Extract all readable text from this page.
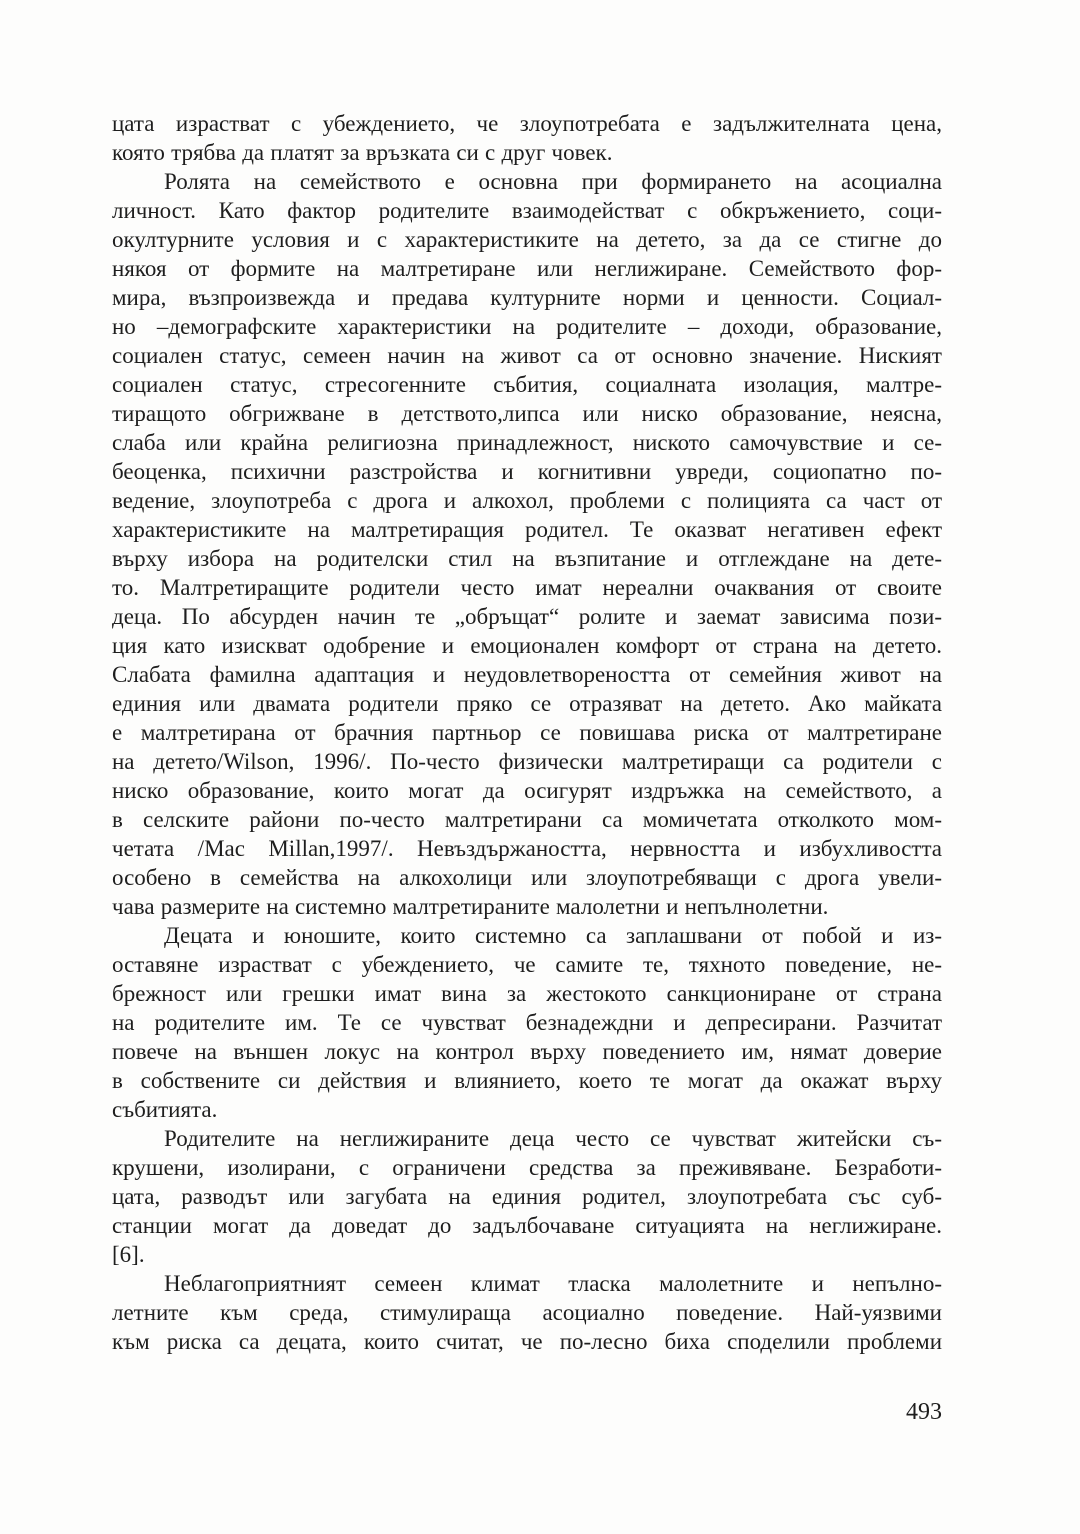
цата израстват с убеждението, че злоупотребата е задължителната цена,
която трябва да платят за връзката си с друг човек.
Ролята на семейството е основна при формирането на асоциална
личност. Като фактор родителите взаимодействат с обкръжението, соци-
окултурните условия и с характеристиките на детето, за да се стигне до
някоя от формите на малтретиране или неглижиране. Семейството фор-
мира, възпроизвежда и предава културните норми и ценности. Социал-
но –демографските характеристики на родителите – доходи, образование,
социален статус, семеен начин на живот са от основно значение. Ниският
социален статус, стресогенните събития, социалната изолация, малтре-
тиращото обгрижване в детството,липса или ниско образование, неясна,
слаба или крайна религиозна принадлежност, ниското самочувствие и се-
беоценка, психични разстройства и когнитивни увреди, социопатно по-
ведение, злоупотреба с дрога и алкохол, проблеми с полицията са част от
характеристиките на малтретиращия родител. Те оказват негативен ефект
върху избора на родителски стил на възпитание и отглеждане на дете-
то. Малтретиращите родители често имат нереални очаквания от своите
деца. По абсурден начин те „обръщат“ ролите и заемат зависима пози-
ция като изискват одобрение и емоционален комфорт от страна на детето.
Слабата фамилна адаптация и неудовлетвореността от семейния живот на
единия или двамата родители пряко се отразяват на детето. Ако майката
е малтретирана от брачния партньор се повишава риска от малтретиране
на детето/Wilson, 1996/. По-често физически малтретиращи са родители с
ниско образование, които могат да осигурят издръжка на семейството, а
в селските райони по-често малтретирани са момичетата отколкото мом-
четата /Mac Millan,1997/. Невъздържаността, нервността и избухливостта
особено в семейства на алкохолици или злоупотребяващи с дрога увели-
чава размерите на системно малтретираните малолетни и непълнолетни.
Децата и юношите, които системно са заплашвани от побой и из-
оставяне израстват с убеждението, че самите те, тяхното поведение, не-
брежност или грешки имат вина за жестокото санкциониране от страна
на родителите им. Те се чувстват безнадеждни и депресирани. Разчитат
повече на външен локус на контрол върху поведението им, нямат доверие
в собствените си действия и влиянието, което те могат да окажат върху
събитията.
Родителите на неглижираните деца често се чувстват житейски съ-
крушени, изолирани, с ограничени средства за преживяване. Безработи-
цата, разводът или загубата на единия родител, злоупотребата със суб-
станции могат да доведат до задълбочаване ситуацията на неглижиране.
[6].
Неблагоприятният семеен климат тласка малолетните и непълно-
летните към среда, стимулираща асоциално поведение. Най-уязвими
към риска са децата, които считат, че по-лесно биха споделили проблеми
493
